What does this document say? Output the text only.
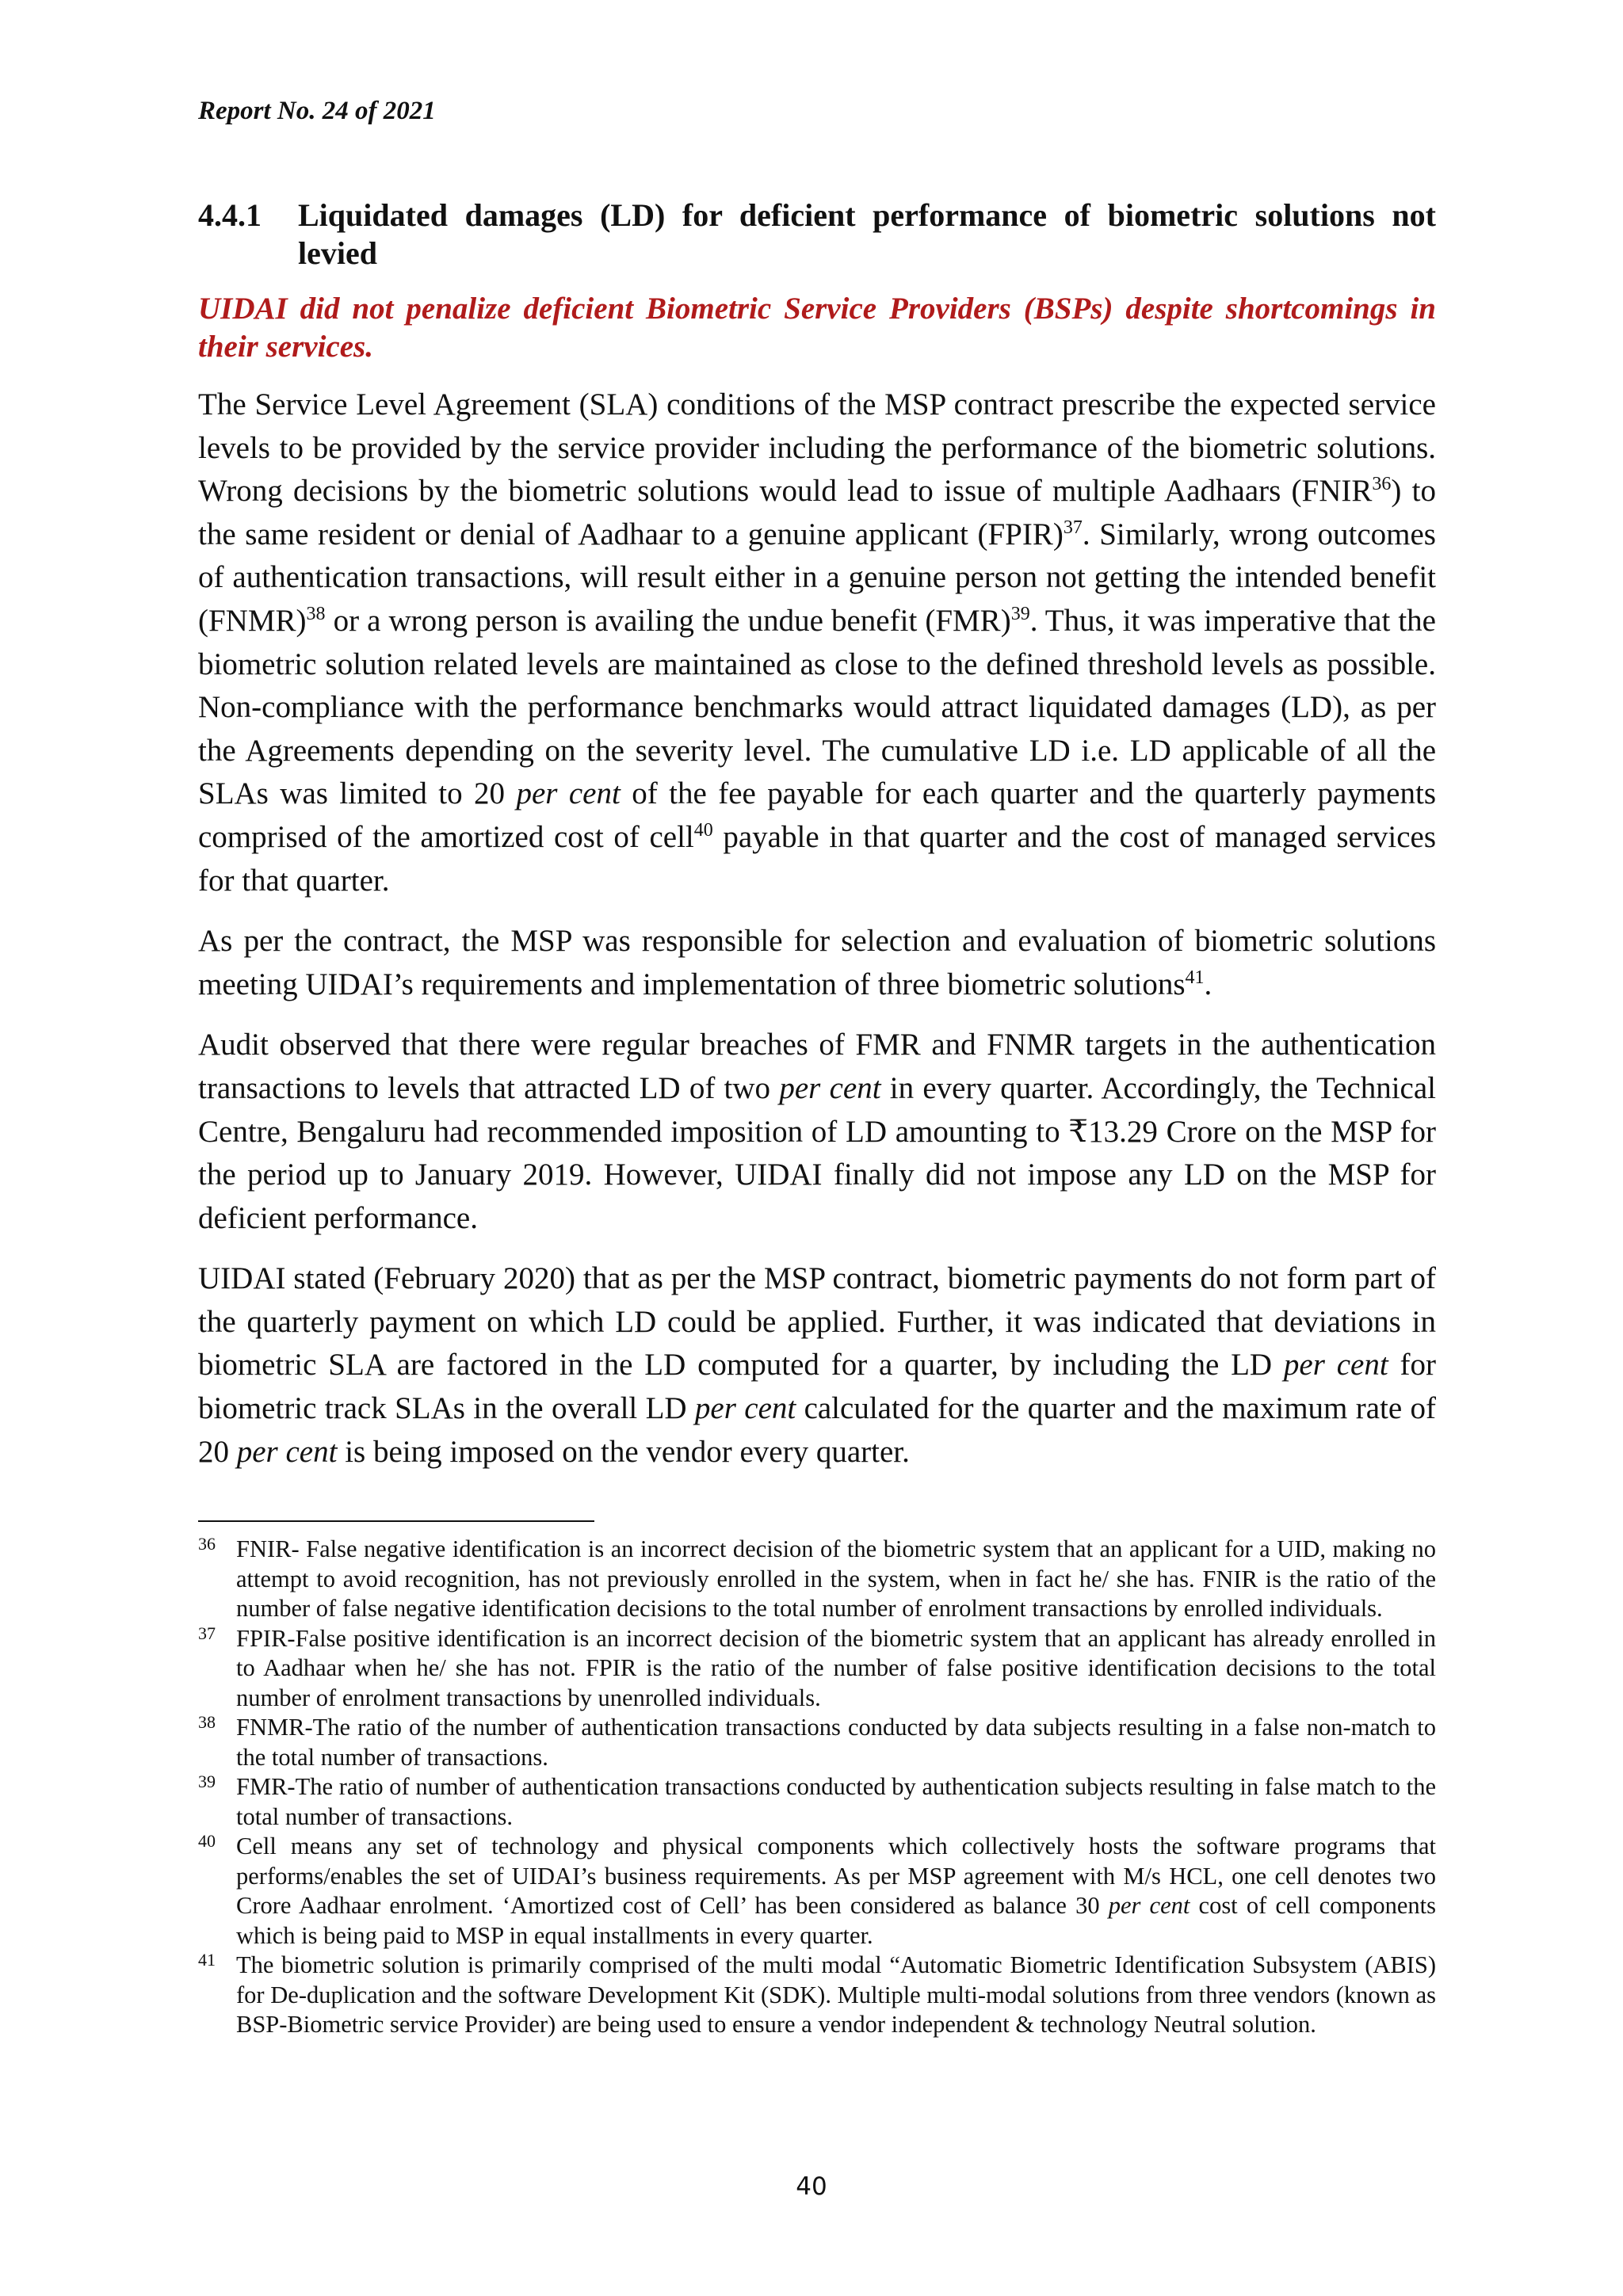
Report No. 24 of 2021
4.4.1	Liquidated damages (LD) for deficient performance of biometric solutions not levied
UIDAI did not penalize deficient Biometric Service Providers (BSPs) despite shortcomings in their services.

The Service Level Agreement (SLA) conditions of the MSP contract prescribe the expected service levels to be provided by the service provider including the performance of the biometric solutions. Wrong decisions by the biometric solutions would lead to issue of multiple Aadhaars (FNIR$^{36}$) to the same resident or denial of Aadhaar to a genuine applicant (FPIR)$^{37}$. Similarly, wrong outcomes of authentication transactions, will result either in a genuine person not getting the intended benefit (FNMR)$^{38}$ or a wrong person is availing the undue benefit (FMR)$^{39}$. Thus, it was imperative that the biometric solution related levels are maintained as close to the defined threshold levels as possible. Non-compliance with the performance benchmarks would attract liquidated damages (LD), as per the Agreements depending on the severity level. The cumulative LD i.e. LD applicable of all the SLAs was limited to 20 per cent of the fee payable for each quarter and the quarterly payments comprised of the amortized cost of cell$^{40}$ payable in that quarter and the cost of managed services for that quarter.

As per the contract, the MSP was responsible for selection and evaluation of biometric solutions meeting UIDAI’s requirements and implementation of three biometric solutions$^{41}$.

Audit observed that there were regular breaches of FMR and FNMR targets in the authentication transactions to levels that attracted LD of two per cent in every quarter. Accordingly, the Technical Centre, Bengaluru had recommended imposition of LD amounting to ₹13.29 Crore on the MSP for the period up to January 2019. However, UIDAI finally did not impose any LD on the MSP for deficient performance.

UIDAI stated (February 2020) that as per the MSP contract, biometric payments do not form part of the quarterly payment on which LD could be applied. Further, it was indicated that deviations in biometric SLA are factored in the LD computed for a quarter, by including the LD per cent for biometric track SLAs in the overall LD per cent calculated for the quarter and the maximum rate of 20 per cent is being imposed on the vendor every quarter.

36 FNIR- False negative identification is an incorrect decision of the biometric system that an applicant for a UID, making no attempt to avoid recognition, has not previously enrolled in the system, when in fact he/ she has. FNIR is the ratio of the number of false negative identification decisions to the total number of enrolment transactions by enrolled individuals.
37 FPIR-False positive identification is an incorrect decision of the biometric system that an applicant has already enrolled in to Aadhaar when he/ she has not. FPIR is the ratio of the number of false positive identification decisions to the total number of enrolment transactions by unenrolled individuals.
38 FNMR-The ratio of the number of authentication transactions conducted by data subjects resulting in a false non-match to the total number of transactions.
39 FMR-The ratio of number of authentication transactions conducted by authentication subjects resulting in false match to the total number of transactions.
40 Cell means any set of technology and physical components which collectively hosts the software programs that performs/enables the set of UIDAI’s business requirements. As per MSP agreement with M/s HCL, one cell denotes two Crore Aadhaar enrolment. ‘Amortized cost of Cell’ has been considered as balance 30 per cent cost of cell components which is being paid to MSP in equal installments in every quarter.
41 The biometric solution is primarily comprised of the multi modal “Automatic Biometric Identification Subsystem (ABIS) for De-duplication and the software Development Kit (SDK). Multiple multi-modal solutions from three vendors (known as BSP-Biometric service Provider) are being used to ensure a vendor independent & technology Neutral solution.
40
